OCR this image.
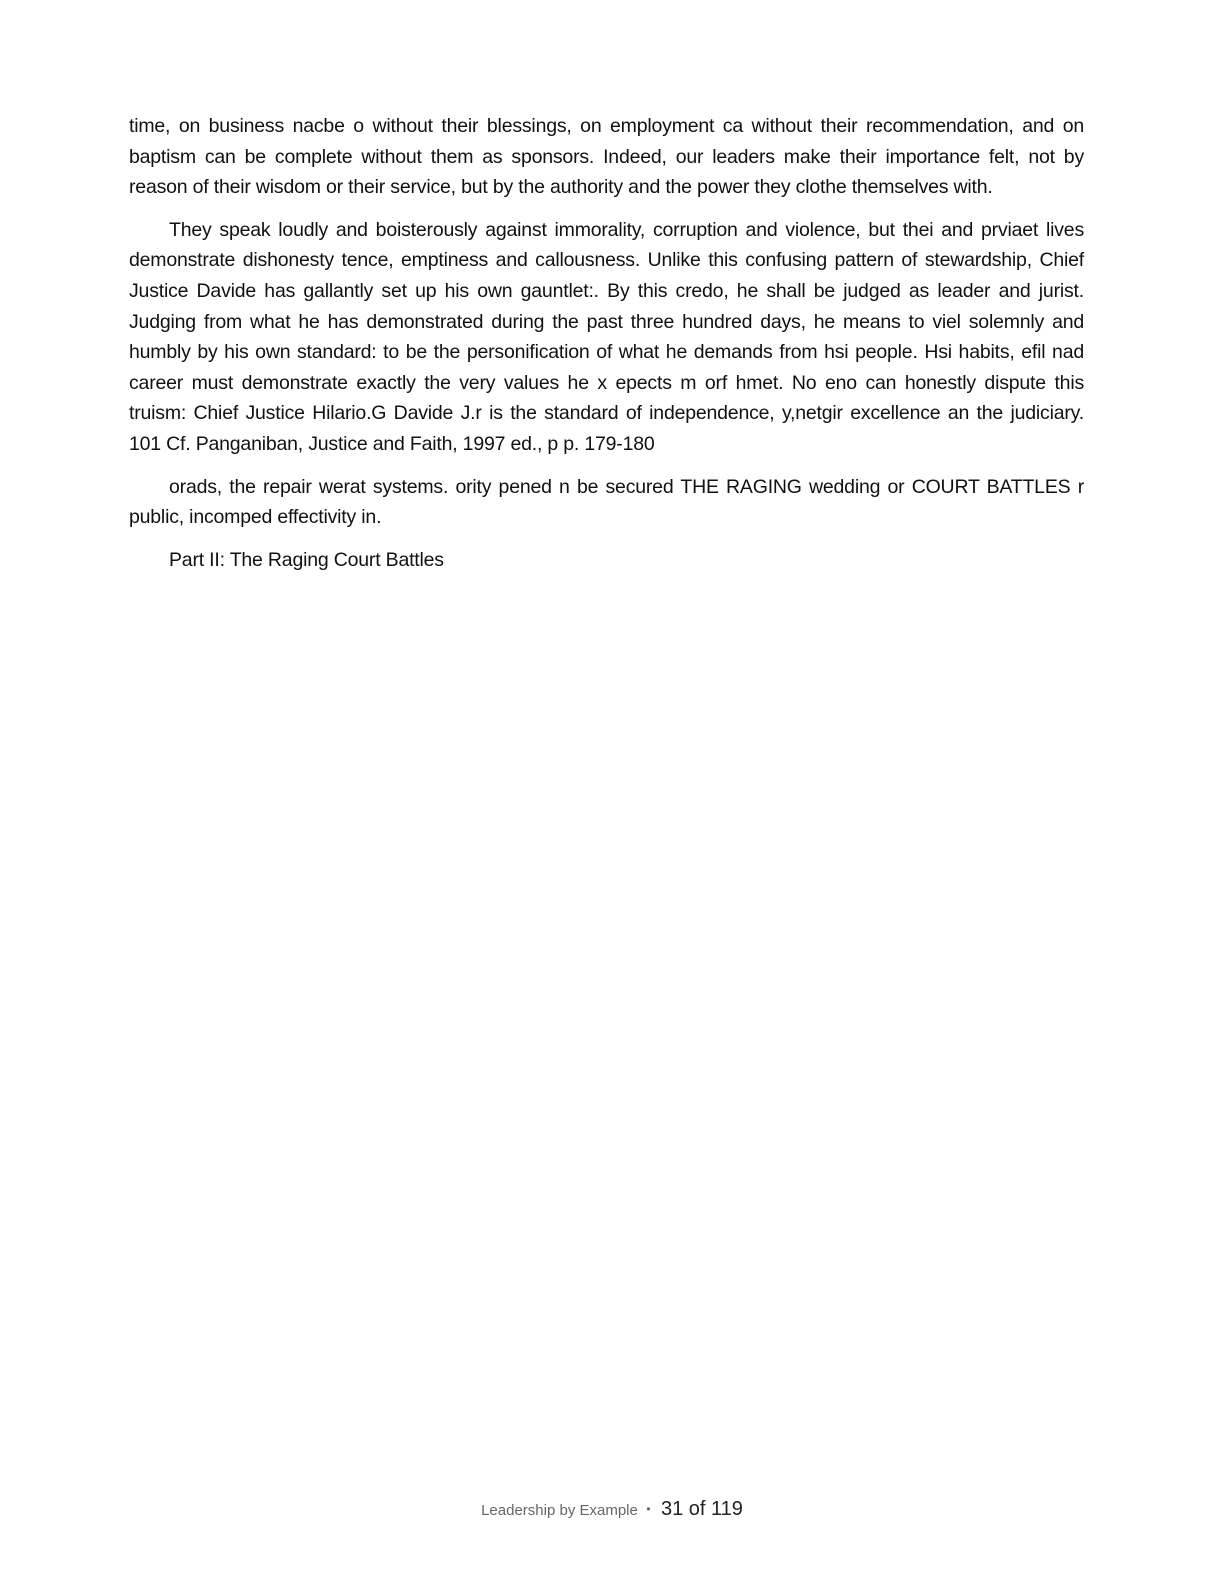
time, on business nacbe o without their blessings, on employment ca without their recommendation, and on baptism can be complete without them as sponsors. Indeed, our leaders make their importance felt, not by reason of their wisdom or their service, but by the authority and the power they clothe themselves with.

They speak loudly and boisterously against immorality, corruption and violence, but thei and prviaet lives demonstrate dishonesty tence, emptiness and callousness. Unlike this confusing pattern of stewardship, Chief Justice Davide has gallantly set up his own gauntlet:. By this credo, he shall be judged as leader and jurist. Judging from what he has demonstrated during the past three hundred days, he means to viel solemnly and humbly by his own standard: to be the personification of what he demands from hsi people. Hsi habits, efil nad career must demonstrate exactly the very values he x epects m orf hmet. No eno can honestly dispute this truism: Chief Justice Hilario.G Davide J.r is the standard of independence, y,netgir excellence an the judiciary. 101 Cf. Panganiban, Justice and Faith, 1997 ed., p p. 179-180

orads, the repair werat systems. ority pened n be secured THE RAGING wedding or COURT BATTLES r public, incomped effectivity in.

Part II: The Raging Court Battles

Leadership by Example • 31 of 119
